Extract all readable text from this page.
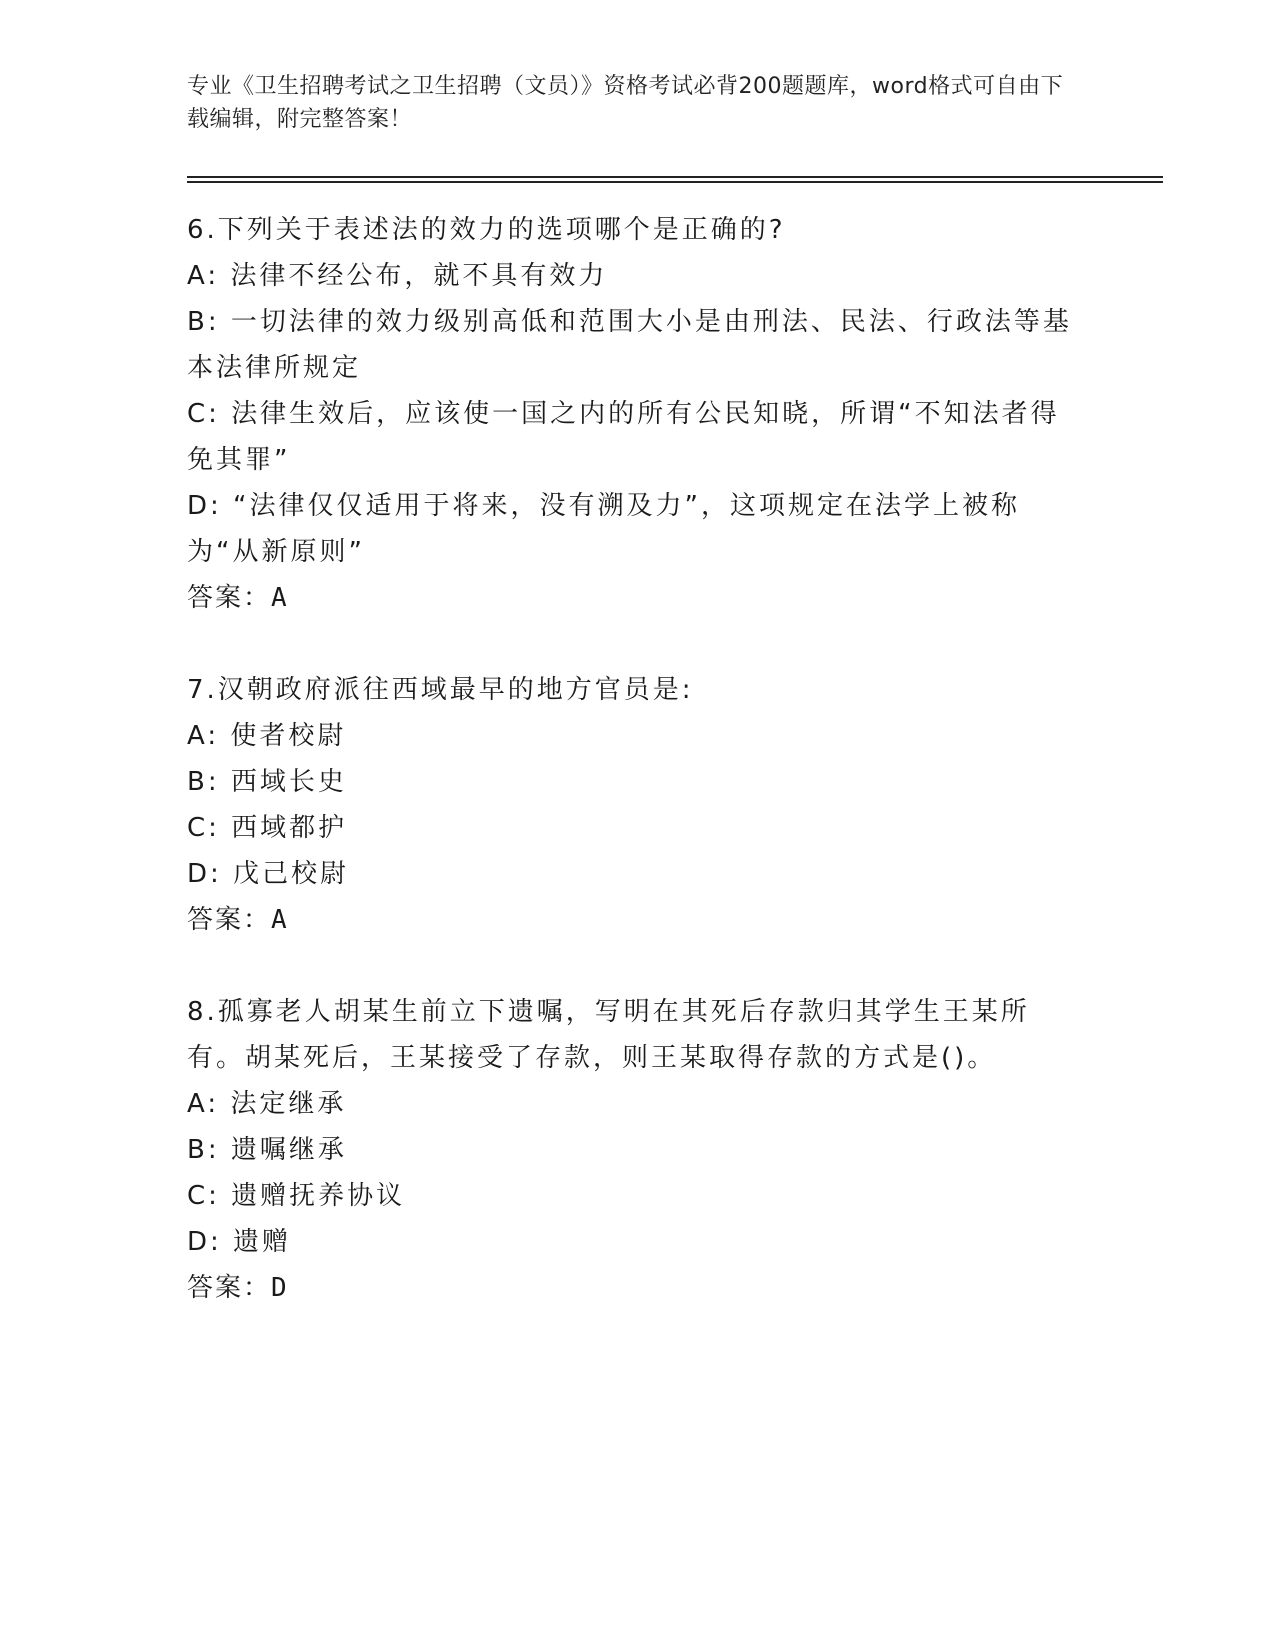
专业《卫生招聘考试之卫生招聘（文员）》资格考试必背200题题库，word格式可自由下载编辑，附完整答案！

6.下列关于表述法的效力的选项哪个是正确的?

A: 法律不经公布，就不具有效力

B: 一切法律的效力级别高低和范围大小是由刑法、民法、行政法等基本法律所规定

C: 法律生效后，应该使一国之内的所有公民知晓，所谓“不知法者得免其罪”

D: “法律仅仅适用于将来，没有溯及力”，这项规定在法学上被称为“从新原则”

答案：A

7.汉朝政府派往西域最早的地方官员是:

A: 使者校尉

B: 西域长史

C: 西域都护

D: 戊己校尉

答案：A

8.孤寡老人胡某生前立下遗嘱，写明在其死后存款归其学生王某所有。胡某死后，王某接受了存款，则王某取得存款的方式是()。

A: 法定继承

B: 遗嘱继承

C: 遗赠抚养协议

D: 遗赠

答案：D
